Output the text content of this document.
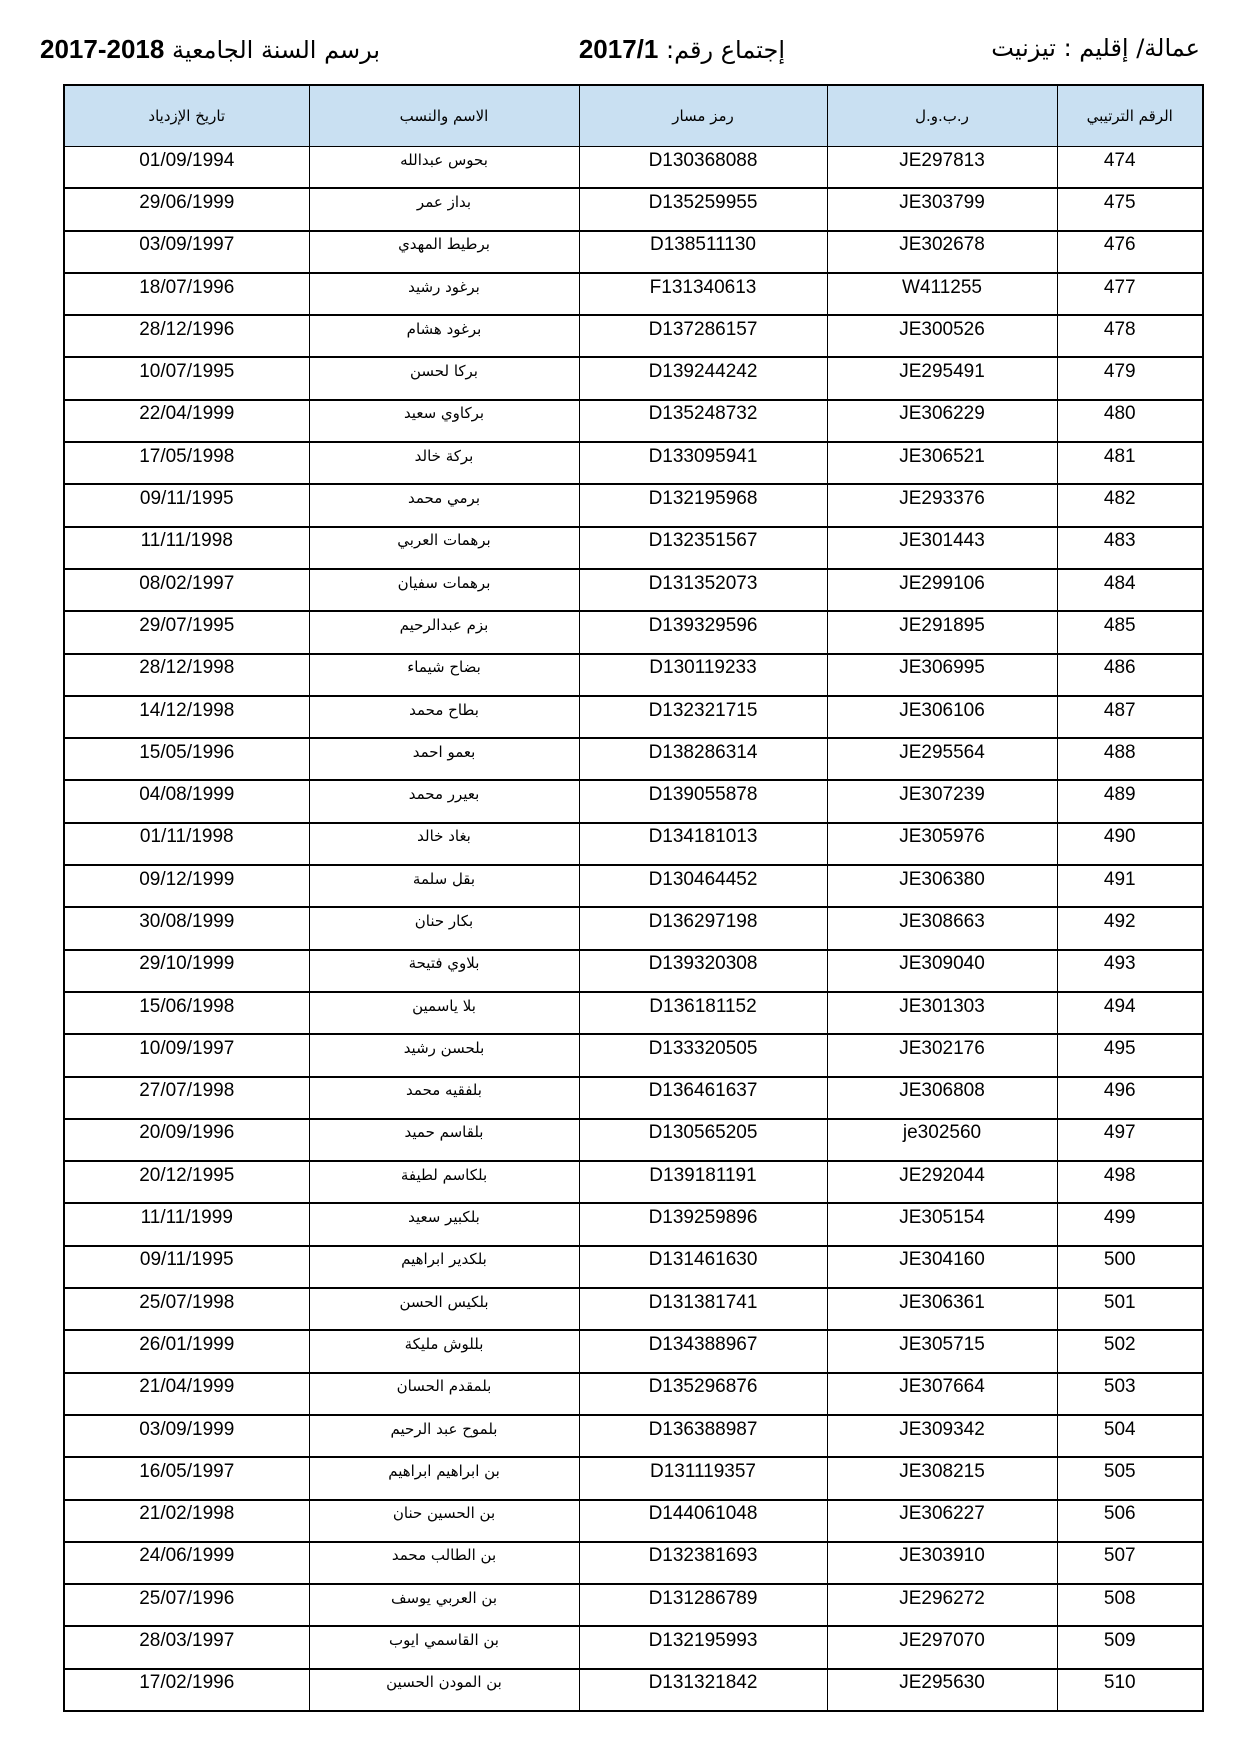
عمالة/ إقليم : تيزنيت
إجتماع رقم: 2017/1
برسم السنة الجامعية 2017-2018
الرقم الترتيبي	ر.ب.و.ل	رمز مسار	الاسم والنسب	تاريخ الإزدياد

474	JE297813	D130368088	بحوس عبدالله	01/09/1994

475	JE303799	D135259955	بداز عمر	29/06/1999

476	JE302678	D138511130	برطيط المهدي	03/09/1997

477	W411255	F131340613	برغود رشيد	18/07/1996

478	JE300526	D137286157	برغود هشام	28/12/1996

479	JE295491	D139244242	بركا لحسن	10/07/1995

480	JE306229	D135248732	بركاوي سعيد	22/04/1999

481	JE306521	D133095941	بركة خالد	17/05/1998

482	JE293376	D132195968	برمي محمد	09/11/1995

483	JE301443	D132351567	برهمات العربي	11/11/1998

484	JE299106	D131352073	برهمات سفيان	08/02/1997

485	JE291895	D139329596	بزم عبدالرحيم	29/07/1995

486	JE306995	D130119233	بضاح شيماء	28/12/1998

487	JE306106	D132321715	بطاح محمد	14/12/1998

488	JE295564	D138286314	بعمو احمد	15/05/1996

489	JE307239	D139055878	بعيرر محمد	04/08/1999

490	JE305976	D134181013	بغاد خالد	01/11/1998

491	JE306380	D130464452	بقل سلمة	09/12/1999

492	JE308663	D136297198	بكار حنان	30/08/1999

493	JE309040	D139320308	بلاوي فتيحة	29/10/1999

494	JE301303	D136181152	بلا ياسمين	15/06/1998

495	JE302176	D133320505	بلحسن رشيد	10/09/1997

496	JE306808	D136461637	بلفقيه محمد	27/07/1998

497	je302560	D130565205	بلقاسم حميد	20/09/1996

498	JE292044	D139181191	بلكاسم لطيفة	20/12/1995

499	JE305154	D139259896	بلكبير سعيد	11/11/1999

500	JE304160	D131461630	بلكدير ابراهيم	09/11/1995

501	JE306361	D131381741	بلكيس الحسن	25/07/1998

502	JE305715	D134388967	بللوش مليكة	26/01/1999

503	JE307664	D135296876	بلمقدم الحسان	21/04/1999

504	JE309342	D136388987	بلموح عبد الرحيم	03/09/1999

505	JE308215	D131119357	بن ابراهيم ابراهيم	16/05/1997

506	JE306227	D144061048	بن الحسين حنان	21/02/1998

507	JE303910	D132381693	بن الطالب محمد	24/06/1999

508	JE296272	D131286789	بن العربي يوسف	25/07/1996

509	JE297070	D132195993	بن القاسمي ايوب	28/03/1997

510	JE295630	D131321842	بن المودن الحسين	17/02/1996
